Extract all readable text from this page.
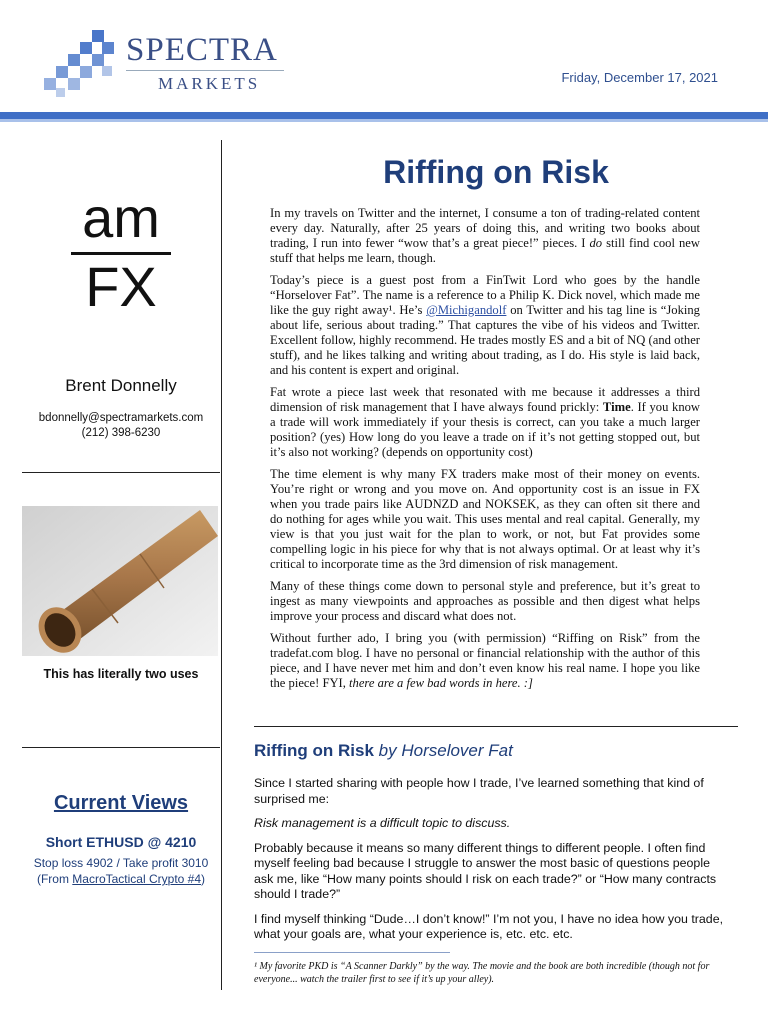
SPECTRA
MARKETS	Friday, December 17, 2021
am
FX
Brent Donnelly
bdonnelly@spectramarkets.com
(212) 398-6230
This has literally two uses
Current Views
Short ETHUSD @ 4210
Stop loss 4902 / Take profit 3010
(From MacroTactical Crypto #4)
Riffing on Risk

In my travels on Twitter and the internet, I consume a ton of trading-related content every day. Naturally, after 25 years of doing this, and writing two books about trading, I run into fewer “wow that’s a great piece!” pieces. I do still find cool new stuff that helps me learn, though.

Today’s piece is a guest post from a FinTwit Lord who goes by the handle “Horselover Fat”. The name is a reference to a Philip K. Dick novel, which made me like the guy right away¹. He’s @Michigandolf on Twitter and his tag line is “Joking about life, serious about trading.” That captures the vibe of his videos and Twitter. Excellent follow, highly recommend. He trades mostly ES and a bit of NQ (and other stuff), and he likes talking and writing about trading, as I do. His style is laid back, and his content is expert and original.

Fat wrote a piece last week that resonated with me because it addresses a third dimension of risk management that I have always found prickly: Time. If you know a trade will work immediately if your thesis is correct, can you take a much larger position? (yes) How long do you leave a trade on if it’s not getting stopped out, but it’s also not working? (depends on opportunity cost)

The time element is why many FX traders make most of their money on events. You’re right or wrong and you move on. And opportunity cost is an issue in FX when you trade pairs like AUDNZD and NOKSEK, as they can often sit there and do nothing for ages while you wait. This uses mental and real capital. Generally, my view is that you just wait for the plan to work, or not, but Fat provides some compelling logic in his piece for why that is not always optimal. Or at least why it’s critical to incorporate time as the 3rd dimension of risk management.

Many of these things come down to personal style and preference, but it’s great to ingest as many viewpoints and approaches as possible and then digest what helps improve your process and discard what does not.

Without further ado, I bring you (with permission) “Riffing on Risk” from the tradefat.com blog. I have no personal or financial relationship with the author of this piece, and I have never met him and don’t even know his real name. I hope you like the piece! FYI, there are a few bad words in here. :]

Riffing on Risk by Horselover Fat

Since I started sharing with people how I trade, I’ve learned something that kind of surprised me:

Risk management is a difficult topic to discuss.

Probably because it means so many different things to different people. I often find myself feeling bad because I struggle to answer the most basic of questions people ask me, like “How many points should I risk on each trade?” or “How many contracts should I trade?”

I find myself thinking “Dude…I don’t know!” I’m not you, I have no idea how you trade, what your goals are, what your experience is, etc. etc. etc.

¹ My favorite PKD is “A Scanner Darkly” by the way. The movie and the book are both incredible (though not for everyone... watch the trailer first to see if it’s up your alley).
